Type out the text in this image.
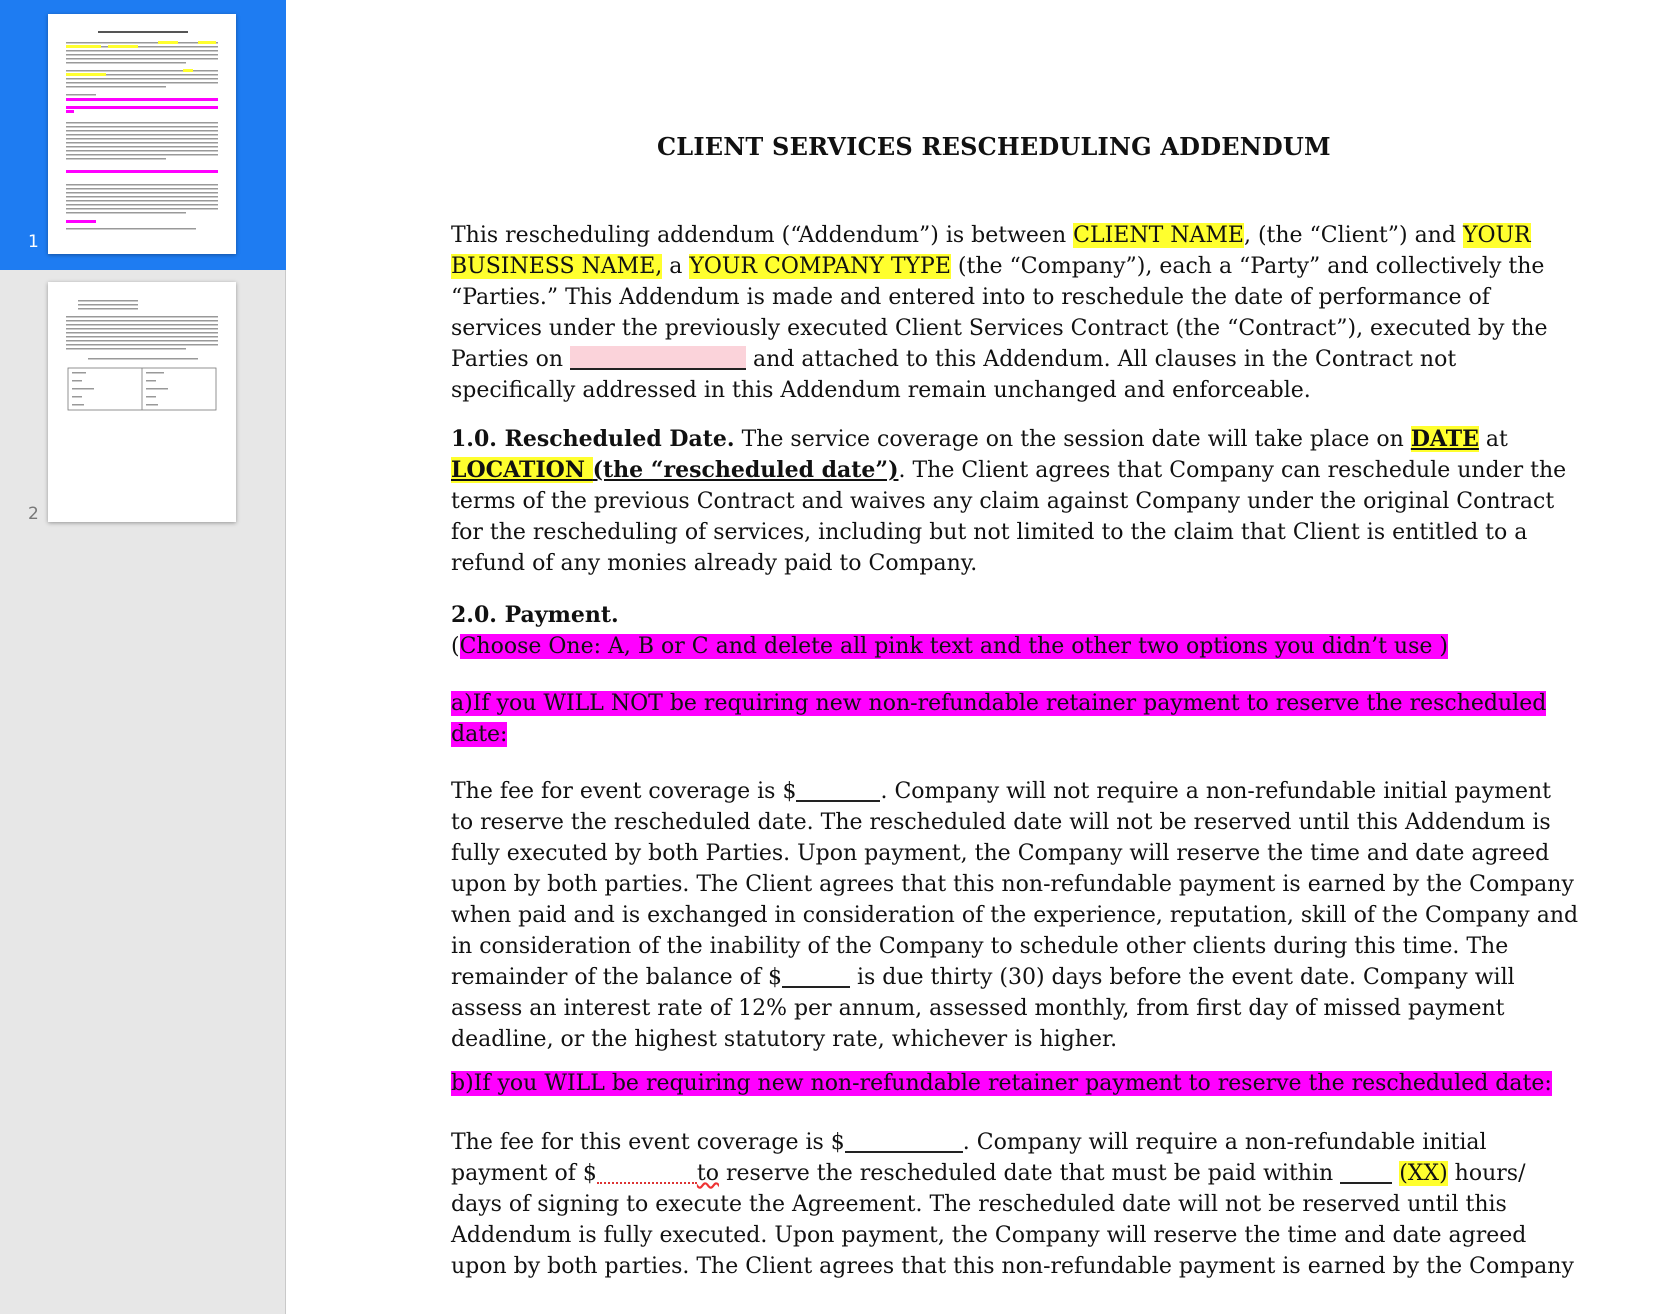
1
2
CLIENT SERVICES RESCHEDULING ADDENDUM
This rescheduling addendum (“Addendum”) is between CLIENT NAME, (the “Client”) and YOUR
BUSINESS NAME, a YOUR COMPANY TYPE (the “Company”), each a “Party” and collectively the
“Parties.” This Addendum is made and entered into to reschedule the date of performance of
services under the previously executed Client Services Contract (the “Contract”), executed by the
Parties on	and attached to this Addendum. All clauses in the Contract not
specifically addressed in this Addendum remain unchanged and enforceable.
1.0. Rescheduled Date. The service coverage on the session date will take place on DATE at
LOCATION (the “rescheduled date”). The Client agrees that Company can reschedule under the
terms of the previous Contract and waives any claim against Company under the original Contract
for the rescheduling of services, including but not limited to the claim that Client is entitled to a
refund of any monies already paid to Company.
2.0. Payment.
(Choose One: A, B or C and delete all pink text and the other two options you didn’t use )
a)If you WILL NOT be requiring new non-refundable retainer payment to reserve the rescheduled
date:
The fee for event coverage is $	. Company will not require a non-refundable initial payment
to reserve the rescheduled date. The rescheduled date will not be reserved until this Addendum is
fully executed by both Parties. Upon payment, the Company will reserve the time and date agreed
upon by both parties. The Client agrees that this non-refundable payment is earned by the Company
when paid and is exchanged in consideration of the experience, reputation, skill of the Company and
in consideration of the inability of the Company to schedule other clients during this time. The
remainder of the balance of $	is due thirty (30) days before the event date. Company will
assess an interest rate of 12% per annum, assessed monthly, from first day of missed payment
deadline, or the highest statutory rate, whichever is higher.
b)If you WILL be requiring new non-refundable retainer payment to reserve the rescheduled date:
The fee for this event coverage is $	. Company will require a non-refundable initial
payment of $	to reserve the rescheduled date that must be paid within	(XX) hours/
days of signing to execute the Agreement. The rescheduled date will not be reserved until this
Addendum is fully executed. Upon payment, the Company will reserve the time and date agreed
upon by both parties. The Client agrees that this non-refundable payment is earned by the Company
